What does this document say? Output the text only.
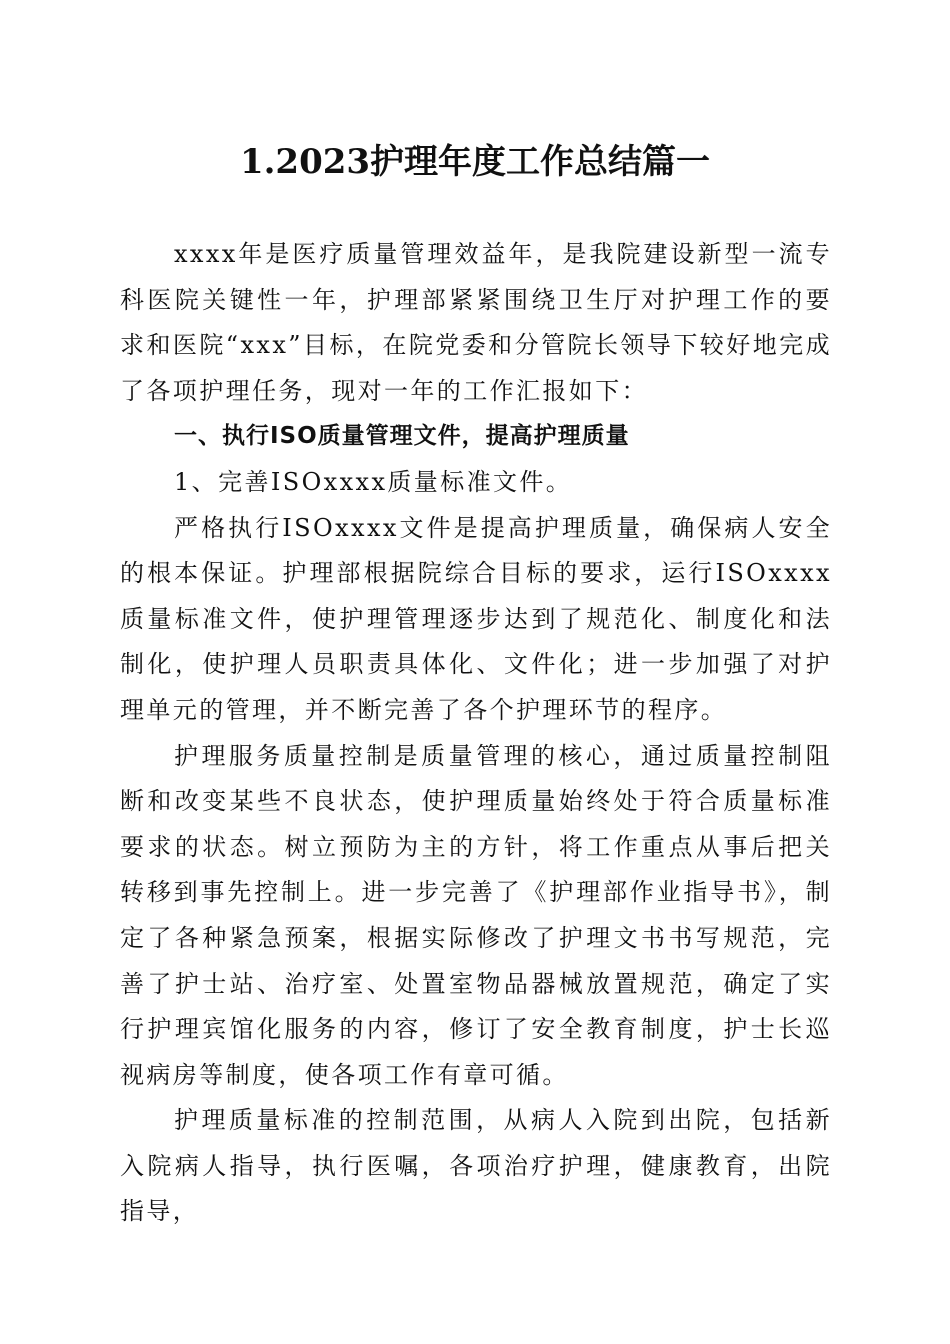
1.2023护理年度工作总结篇一

xxxx年是医疗质量管理效益年，是我院建设新型一流专科医院关键性一年，护理部紧紧围绕卫生厅对护理工作的要求和医院“xxx”目标，在院党委和分管院长领导下较好地完成了各项护理任务，现对一年的工作汇报如下：

一、执行ISO质量管理文件，提高护理质量

1、完善ISOxxxx质量标准文件。

严格执行ISOxxxx文件是提高护理质量，确保病人安全的根本保证。护理部根据院综合目标的要求，运行ISOxxxx质量标准文件，使护理管理逐步达到了规范化、制度化和法制化，使护理人员职责具体化、文件化；进一步加强了对护理单元的管理，并不断完善了各个护理环节的程序。

护理服务质量控制是质量管理的核心，通过质量控制阻断和改变某些不良状态，使护理质量始终处于符合质量标准要求的状态。树立预防为主的方针，将工作重点从事后把关转移到事先控制上。进一步完善了《护理部作业指导书》，制定了各种紧急预案，根据实际修改了护理文书书写规范，完善了护士站、治疗室、处置室物品器械放置规范，确定了实行护理宾馆化服务的内容，修订了安全教育制度，护士长巡视病房等制度，使各项工作有章可循。

护理质量标准的控制范围，从病人入院到出院，包括新入院病人指导，执行医嘱，各项治疗护理，健康教育，出院指导，
